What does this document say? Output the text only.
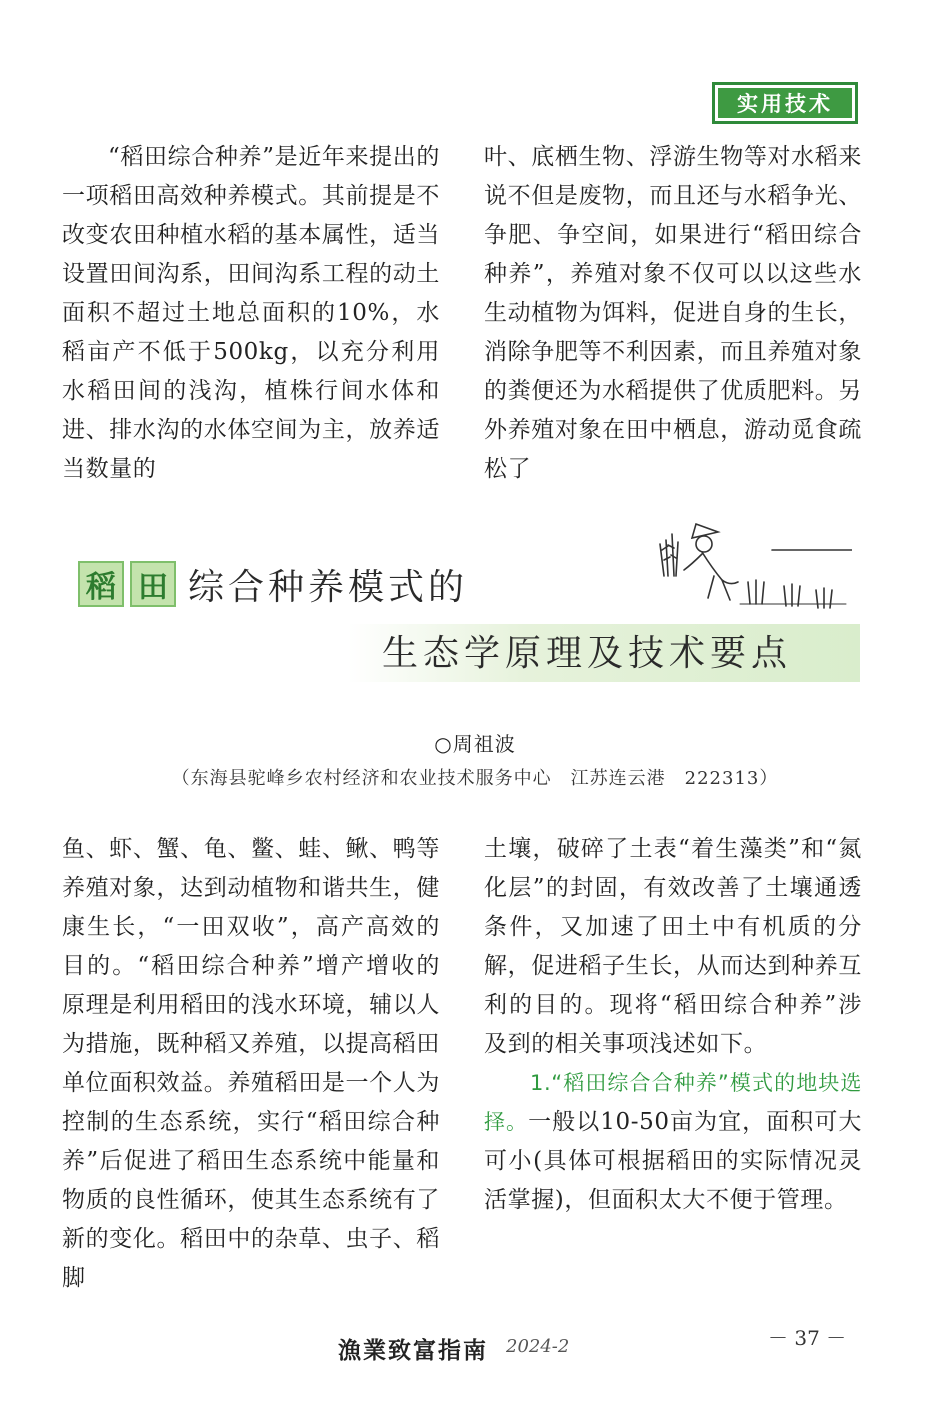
实用技术

“稻田综合种养”是近年来提出的一项稻田高效种养模式。其前提是不改变农田种植水稻的基本属性，适当设置田间沟系，田间沟系工程的动土面积不超过土地总面积的10%，水稻亩产不低于500kg，以充分利用水稻田间的浅沟，植株行间水体和进、排水沟的水体空间为主，放养适当数量的

叶、底栖生物、浮游生物等对水稻来说不但是废物，而且还与水稻争光、争肥、争空间，如果进行“稻田综合种养”，养殖对象不仅可以以这些水生动植物为饵料，促进自身的生长，消除争肥等不利因素，而且养殖对象的粪便还为水稻提供了优质肥料。另外养殖对象在田中栖息，游动觅食疏松了

稻 田 综合种养模式的
生态学原理及技术要点
○周祖波
（东海县驼峰乡农村经济和农业技术服务中心　江苏连云港　222313）

鱼、虾、蟹、龟、鳖、蛙、鳅、鸭等养殖对象，达到动植物和谐共生，健康生长，“一田双收”，高产高效的目的。“稻田综合种养”增产增收的原理是利用稻田的浅水环境，辅以人为措施，既种稻又养殖，以提高稻田单位面积效益。养殖稻田是一个人为控制的生态系统，实行“稻田综合种养”后促进了稻田生态系统中能量和物质的良性循环，使其生态系统有了新的变化。稻田中的杂草、虫子、稻脚

土壤，破碎了土表“着生藻类”和“氮化层”的封固，有效改善了土壤通透条件，又加速了田土中有机质的分解，促进稻子生长，从而达到种养互利的目的。现将“稻田综合种养”涉及到的相关事项浅述如下。

1.“稻田综合合种养”模式的地块选择。一般以10-50亩为宜，面积可大可小(具体可根据稻田的实际情况灵活掌握)，但面积太大不便于管理。

漁業致富指南 2024-2	－ 37 －
